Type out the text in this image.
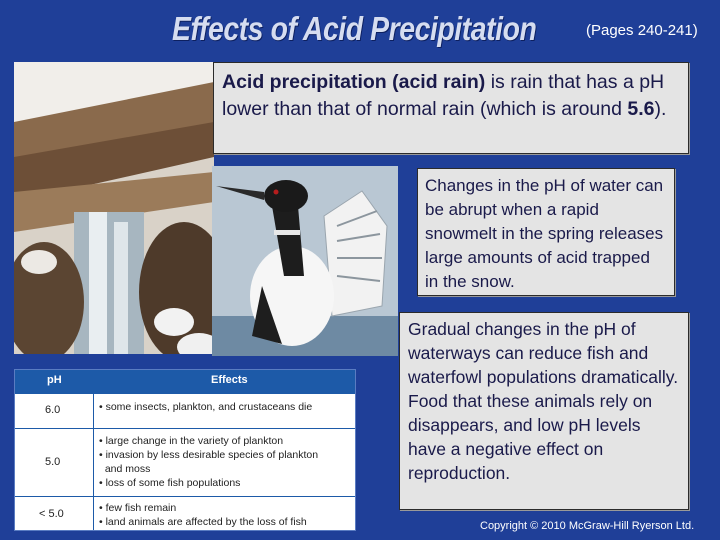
Effects of Acid Precipitation	(Pages 240-241)
Acid precipitation (acid rain) is rain that has a pH lower than that of normal rain (which is around 5.6).
Changes in the pH of water can be abrupt when a rapid snowmelt in the spring releases large amounts of acid trapped in the snow.
Gradual changes in the pH of waterways can reduce fish and waterfowl populations dramatically. Food that these animals rely on disappears, and low pH levels have a negative effect on reproduction.
pH	Effects
6.0	• some insects, plankton, and crustaceans die
5.0
• large change in the variety of plankton
• invasion by less desirable species of plankton
and moss
• loss of some fish populations
< 5.0	• few fish remain
• land animals are affected by the loss of fish	Copyright © 2010 McGraw-Hill Ryerson Ltd.
